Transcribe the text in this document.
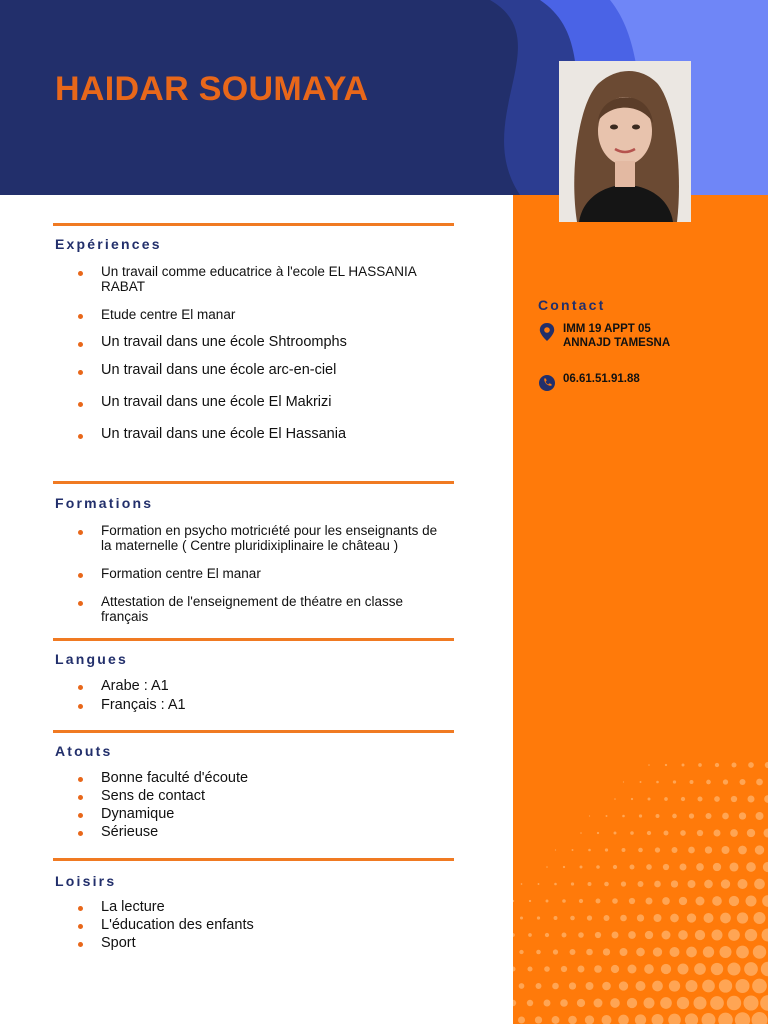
HAIDAR SOUMAYA
Contact
IMM 19 APPT 05
ANNAJD TAMESNA
06.61.51.91.88
Expériences
Un travail comme educatrice à l'ecole EL HASSANIA RABAT
Etude centre El manar
Un travail dans une école Shtroomphs
Un travail dans une école arc-en-ciel
Un travail dans une école El Makrizi
Un travail dans une école El Hassania
Formations
Formation en psycho motricıété pour les enseignants de la maternelle ( Centre pluridixiplinaire le château )
Formation centre El manar
Attestation de l'enseignement de théatre en classe français
Langues
Arabe : A1
Français : A1
Atouts
Bonne faculté d'écoute
Sens de contact
Dynamique
Sérieuse
Loisirs
La lecture
L'éducation des enfants
Sport
